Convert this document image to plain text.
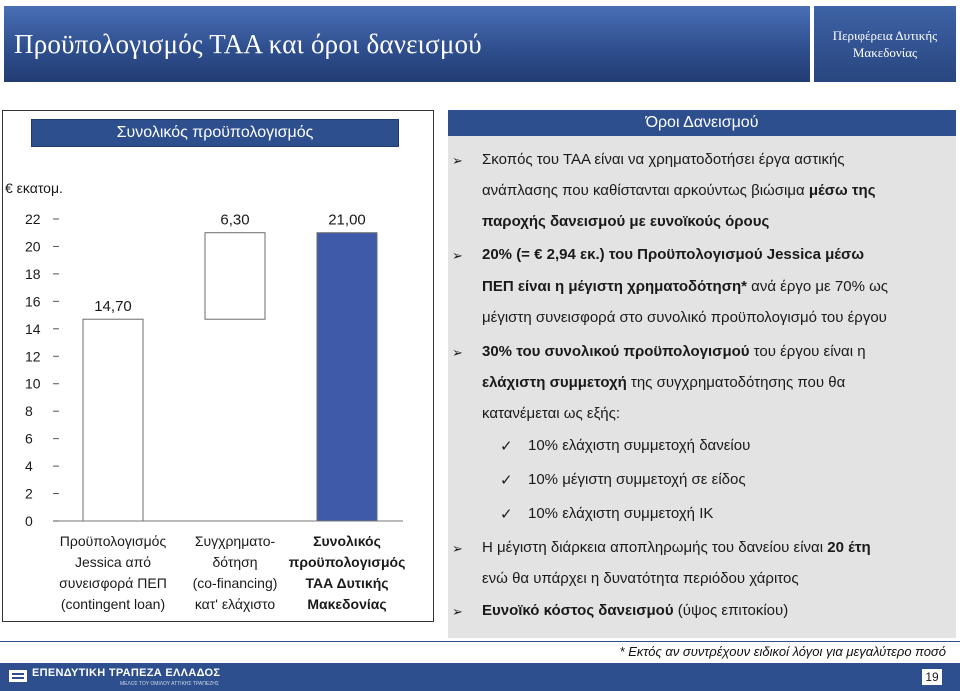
Προϋπολογισμός ΤΑΑ και όροι δανεισμού	Περιφέρεια Δυτικής
Μακεδονίας
Συνολικός προϋπολογισμός
€ εκατομ.
0
2
4
6
8
10
12
14
16
18
20
22
14,70
6,30	21,00
Προϋπολογισμός
Jessica από
συνεισφορά ΠΕΠ
(contingent loan)
Συγχρηματο-
δότηση
(co-financing)
κατ' ελάχιστο
Συνολικός
προϋπολογισμός
ΤΑΑ Δυτικής
Μακεδονίας
Όροι Δανεισμού
➢ Σκοπός του ΤΑΑ είναι να χρηματοδοτήσει έργα αστικής
ανάπλασης που καθίστανται αρκούντως βιώσιμα μέσω της
παροχής δανεισμού με ευνοϊκούς όρους
➢ 20% (= € 2,94 εκ.) του Προϋπολογισμού Jessica μέσω
ΠΕΠ είναι η μέγιστη χρηματοδότηση* ανά έργο με 70% ως
μέγιστη συνεισφορά στο συνολικό προϋπολογισμό του έργου
➢ 30% του συνολικού προϋπολογισμού του έργου είναι η
ελάχιστη συμμετοχή της συγχρηματοδότησης που θα
κατανέμεται ως εξής:
✓ 10% ελάχιστη συμμετοχή δανείου
✓ 10% μέγιστη συμμετοχή σε είδος
✓ 10% ελάχιστη συμμετοχή ΙΚ
➢ Η μέγιστη διάρκεια αποπληρωμής του δανείου είναι 20 έτη
ενώ θα υπάρχει η δυνατότητα περιόδου χάριτος
➢ Ευνοϊκό κόστος δανεισμού (ύψος επιτοκίου)
* Εκτός αν συντρέχουν ειδικοί λόγοι για μεγαλύτερο ποσό
ΕΠΕΝΔΥΤΙΚΗ ΤΡΑΠΕΖΑ ΕΛΛΑΔΟΣ
ΜΕΛΟΣ ΤΟΥ ΟΜΙΛΟΥ ΑΤΤΙΚΗΣ ΤΡΑΠΕΖΗΣ	19
